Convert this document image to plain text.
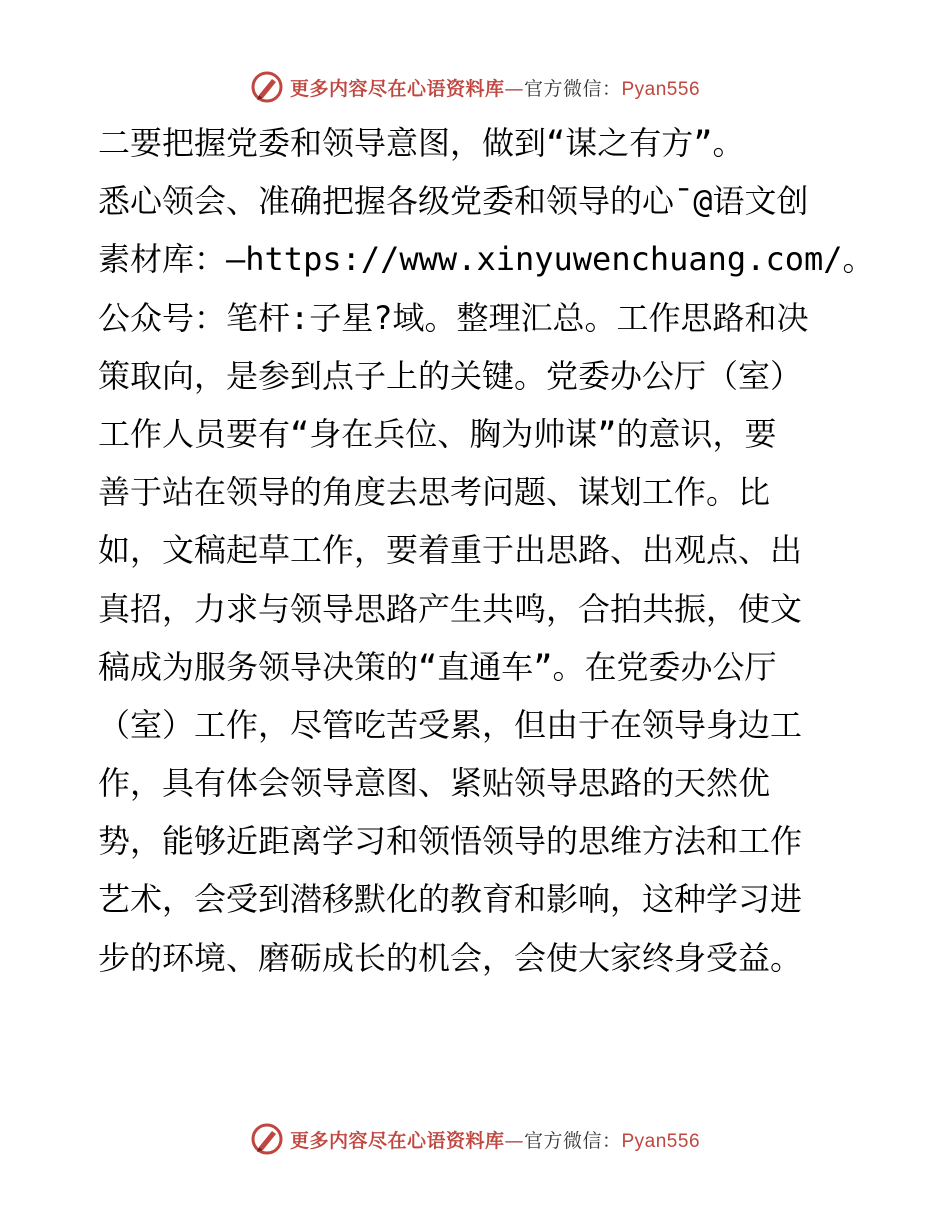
更多内容尽在心语资料库—官方微信：Pyan556
二要把握党委和领导意图，做到“谋之有方”。
悉心领会、准确把握各级党委和领导的心¯@语文创
素材库：—https://www.xinyuwenchuang.com/。
公众号：笔杆:子星?域。整理汇总。工作思路和决
策取向，是参到点子上的关键。党委办公厅（室）
工作人员要有“身在兵位、胸为帅谋”的意识，要
善于站在领导的角度去思考问题、谋划工作。比
如，文稿起草工作，要着重于出思路、出观点、出
真招，力求与领导思路产生共鸣，合拍共振，使文
稿成为服务领导决策的“直通车”。在党委办公厅
（室）工作，尽管吃苦受累，但由于在领导身边工
作，具有体会领导意图、紧贴领导思路的天然优
势，能够近距离学习和领悟领导的思维方法和工作
艺术，会受到潜移默化的教育和影响，这种学习进
步的环境、磨砺成长的机会，会使大家终身受益。
更多内容尽在心语资料库—官方微信：Pyan556
